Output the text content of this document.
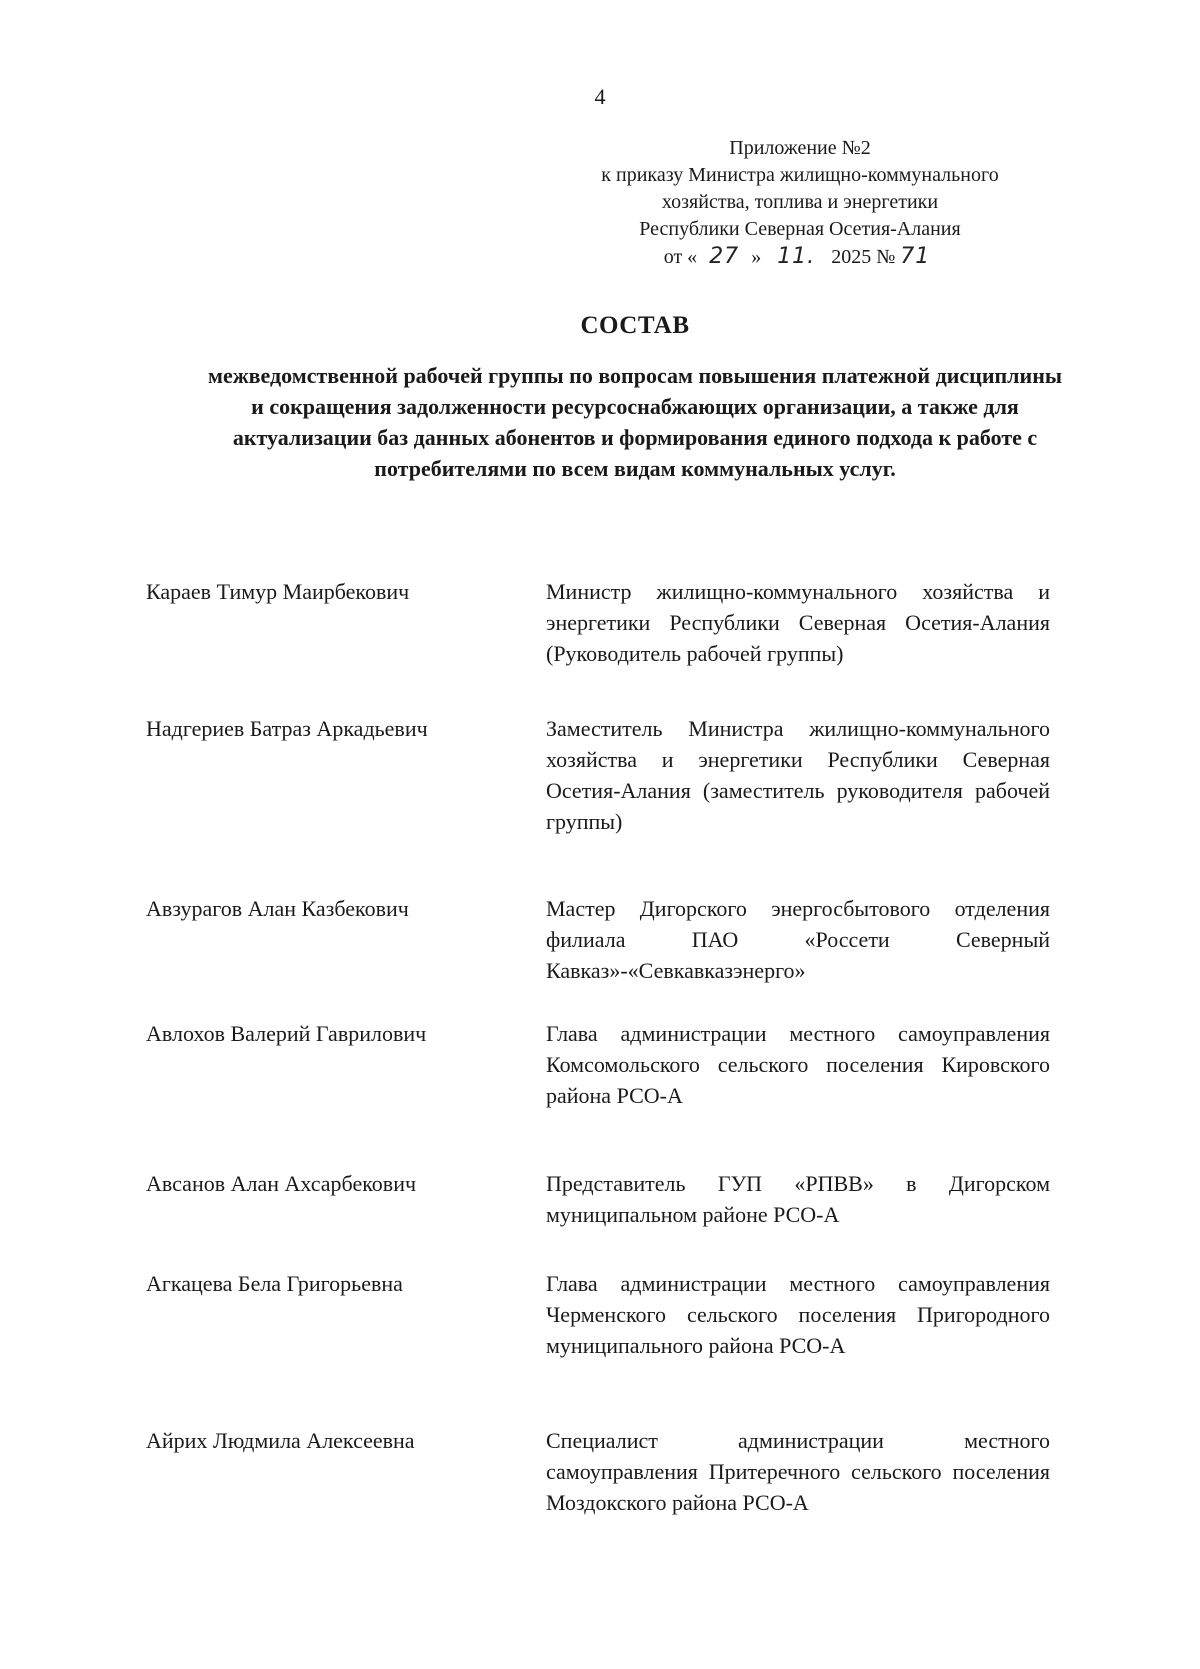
4
Приложение №2
к приказу Министра жилищно-коммунального
хозяйства, топлива и энергетики
Республики Северная Осетия-Алания
от « 27 » 11. 2025 № 71
СОСТАВ
межведомственной рабочей группы по вопросам повышения платежной дисциплины и сокращения задолженности ресурсоснабжающих организации, а также для актуализации баз данных абонентов и формирования единого подхода к работе с потребителями по всем видам коммунальных услуг.
Караев Тимур Маирбекович	Министр жилищно-коммунального хозяйства и энергетики Республики Северная Осетия-Алания (Руководитель рабочей группы)
Надгериев Батраз Аркадьевич	Заместитель Министра жилищно-коммунального хозяйства и энергетики Республики Северная Осетия-Алания (заместитель руководителя рабочей группы)
Авзурагов Алан Казбекович	Мастер Дигорского энергосбытового отделения филиала ПАО «Россети Северный Кавказ»-«Севкавказэнерго»
Авлохов Валерий Гаврилович	Глава администрации местного самоуправления Комсомольского сельского поселения Кировского района РСО-А
Авсанов Алан Ахсарбекович	Представитель ГУП «РПВВ» в Дигорском муниципальном районе РСО-А
Агкацева Бела Григорьевна	Глава администрации местного самоуправления Черменского сельского поселения Пригородного муниципального района РСО-А
Айрих Людмила Алексеевна	Специалист администрации местного самоуправления Притеречного сельского поселения Моздокского района РСО-А
